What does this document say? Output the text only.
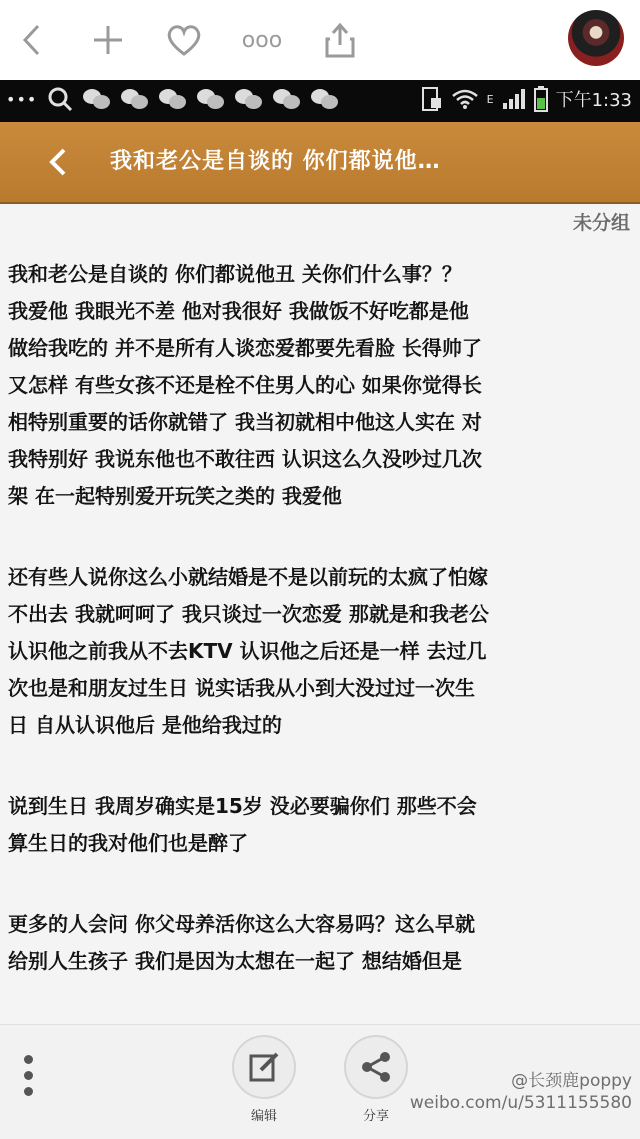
ooo
•••	E	下午1:33
我和老公是自谈的 你们都说他…
未分组
我和老公是自谈的 你们都说他丑 关你们什么事？？
我爱他 我眼光不差 他对我很好 我做饭不好吃都是他
做给我吃的 并不是所有人谈恋爱都要先看脸 长得帅了
又怎样 有些女孩不还是栓不住男人的心 如果你觉得长
相特别重要的话你就错了 我当初就相中他这人实在 对
我特别好 我说东他也不敢往西 认识这么久没吵过几次
架 在一起特别爱开玩笑之类的 我爱他
还有些人说你这么小就结婚是不是以前玩的太疯了怕嫁
不出去 我就呵呵了 我只谈过一次恋爱 那就是和我老公
认识他之前我从不去KTV 认识他之后还是一样 去过几
次也是和朋友过生日 说实话我从小到大没过过一次生
日 自从认识他后 是他给我过的
说到生日 我周岁确实是15岁 没必要骗你们 那些不会
算生日的我对他们也是醉了
更多的人会问 你父母养活你这么大容易吗？这么早就
给别人生孩子 我们是因为太想在一起了 想结婚但是
编辑	分享
@长颈鹿poppy
weibo.com/u/5311155580
